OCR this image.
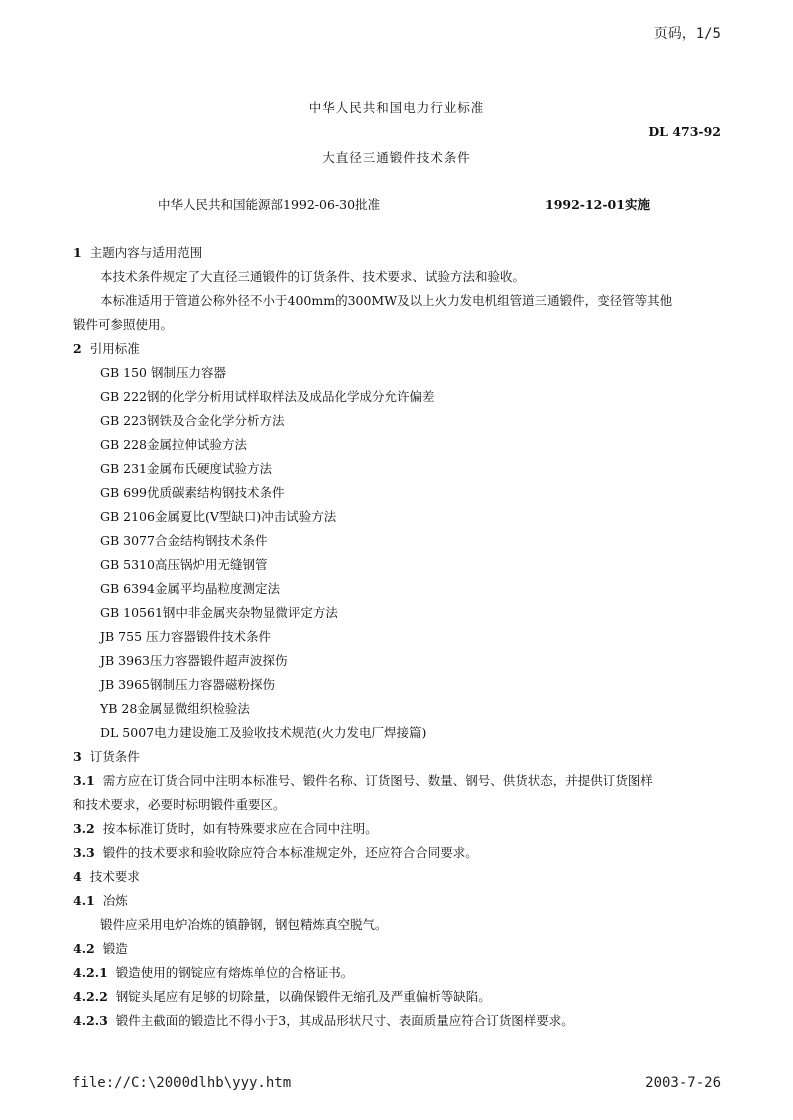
页码，1/5
中华人民共和国电力行业标准
DL 473-92
大直径三通锻件技术条件
中华人民共和国能源部1992-06-30批准	1992-12-01实施
1 主题内容与适用范围
本技术条件规定了大直径三通锻件的订货条件、技术要求、试验方法和验收。
本标准适用于管道公称外径不小于400mm的300MW及以上火力发电机组管道三通锻件，变径管等其他
锻件可参照使用。
2 引用标准
GB 150 钢制压力容器
GB 222钢的化学分析用试样取样法及成品化学成分允许偏差
GB 223钢铁及合金化学分析方法
GB 228金属拉伸试验方法
GB 231金属布氏硬度试验方法
GB 699优质碳素结构钢技术条件
GB 2106金属夏比(V型缺口)冲击试验方法
GB 3077合金结构钢技术条件
GB 5310高压锅炉用无缝钢管
GB 6394金属平均晶粒度测定法
GB 10561钢中非金属夹杂物显微评定方法
JB 755 压力容器锻件技术条件
JB 3963压力容器锻件超声波探伤
JB 3965钢制压力容器磁粉探伤
YB 28金属显微组织检验法
DL 5007电力建设施工及验收技术规范(火力发电厂焊接篇)
3 订货条件
3.1 需方应在订货合同中注明本标准号、锻件名称、订货图号、数量、钢号、供货状态，并提供订货图样
和技术要求，必要时标明锻件重要区。
3.2 按本标准订货时，如有特殊要求应在合同中注明。
3.3 锻件的技术要求和验收除应符合本标准规定外，还应符合合同要求。
4 技术要求
4.1 冶炼
锻件应采用电炉冶炼的镇静钢，钢包精炼真空脱气。
4.2 锻造
4.2.1 锻造使用的钢锭应有熔炼单位的合格证书。
4.2.2 钢锭头尾应有足够的切除量，以确保锻件无缩孔及严重偏析等缺陷。
4.2.3 锻件主截面的锻造比不得小于3，其成品形状尺寸、表面质量应符合订货图样要求。
file://C:\2000dlhb\yyy.htm	2003-7-26
